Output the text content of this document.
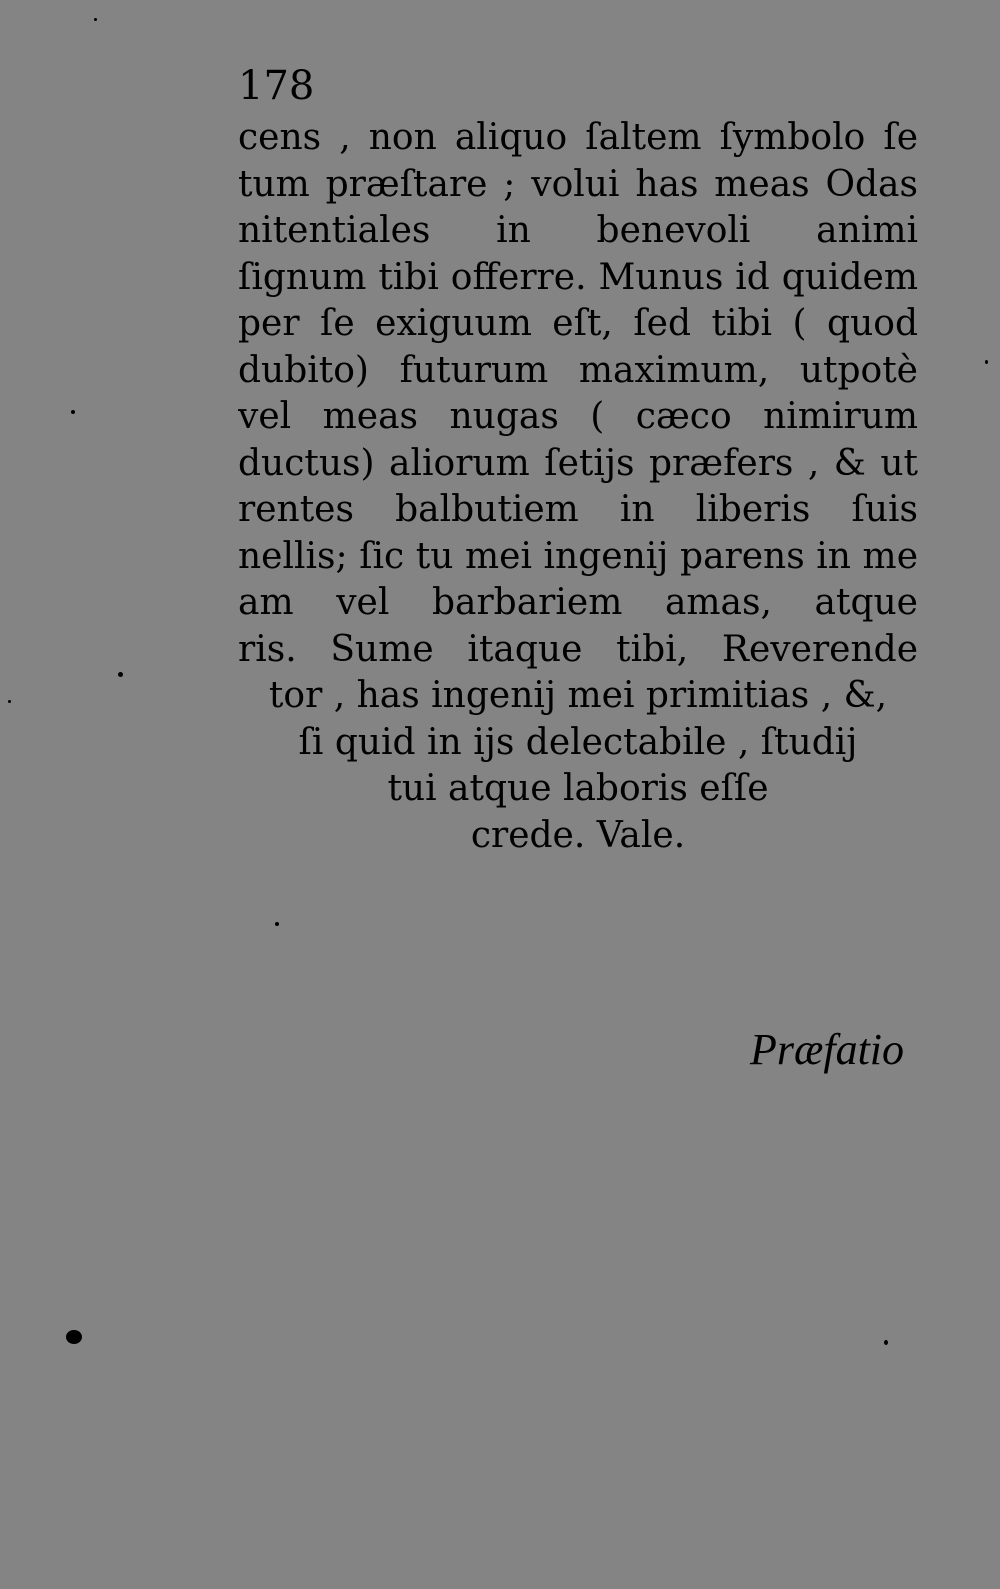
178
cens , non aliquo ſaltem ſymbolo ſe
tum præſtare ; volui has meas Odas
nitentiales in benevoli animi
ſignum tibi offerre. Munus id quidem
per ſe exiguum eſt, ſed tibi ( quod
dubito) futurum maximum, utpotè
vel meas nugas ( cæco nimirum
ductus) aliorum ſetijs præfers , & ut
rentes balbutiem in liberis ſuis
nellis; ſic tu mei ingenij parens in me
am vel barbariem amas, atque
ris. Sume itaque tibi, Reverende
tor , has ingenij mei primitias , &,
ſi quid in ijs delectabile , ſtudij
tui atque laboris eſſe
crede. Vale.
Præfatio
